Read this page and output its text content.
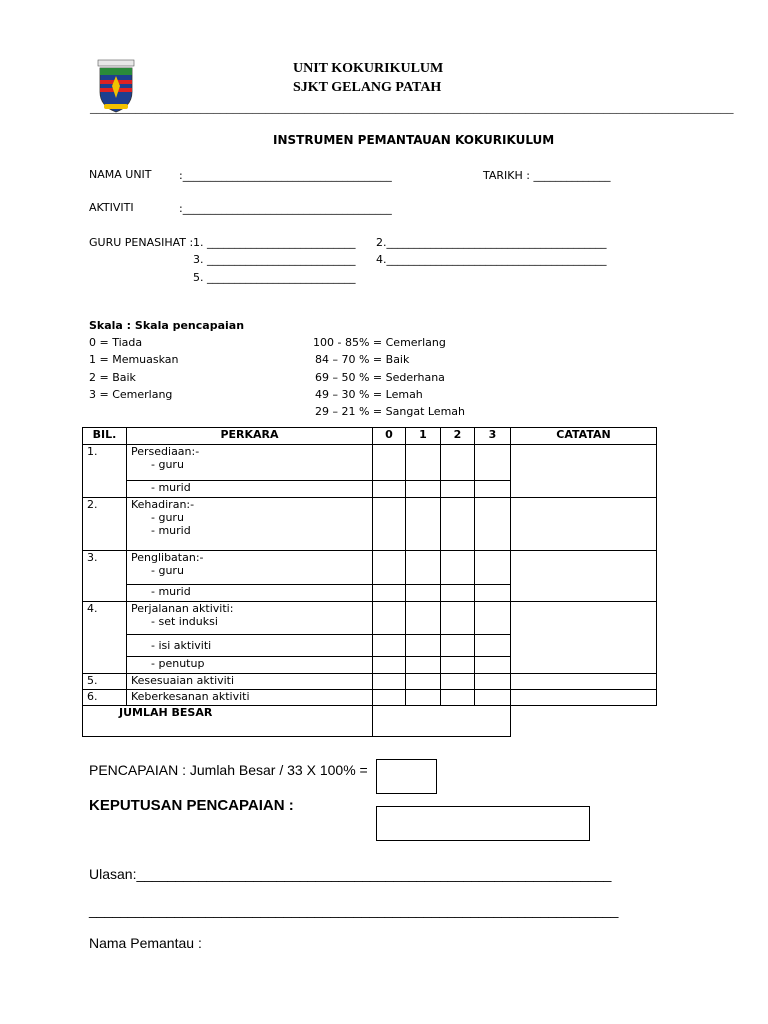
UNIT KOKURIKULUM
SJKT GELANG PATAH
___________________________________________________________________________________________________
INSTRUMEN PEMANTAUAN KOKURIKULUM
NAMA UNIT :______________________________________	TARIKH : ______________
AKTIVITI	:______________________________________
GURU PENASIHAT : 1. ___________________________ 2.________________________________________
3. ___________________________ 4.________________________________________
5. ___________________________
Skala : Skala pencapaian
0 = Tiada
1 = Memuaskan
2 = Baik
3 = Cemerlang
100 - 85% = Cemerlang
84 – 70 % = Baik
69 – 50 % = Sederhana
49 – 30 % = Lemah
29 – 21 % = Sangat Lemah
BIL.	PERKARA	0	1	2	3	CATATAN
1.	Persediaan:-
- guru					

	- murid					
2.	Kehadiran:-
- guru
- murid					

3.	Penglibatan:-
- guru					

	- murid					
4.	Perjalanan aktiviti:
- set induksi					

	- isi aktiviti					
	- penutup					
5.	Kesesuaian aktiviti					
6.	Keberkesanan aktiviti					
JUMLAH BESAR						
PENCAPAIAN : Jumlah Besar / 33 X 100% =
KEPUTUSAN PENCAPAIAN :
Ulasan:_____________________________________________________________
____________________________________________________________________
Nama Pemantau :
